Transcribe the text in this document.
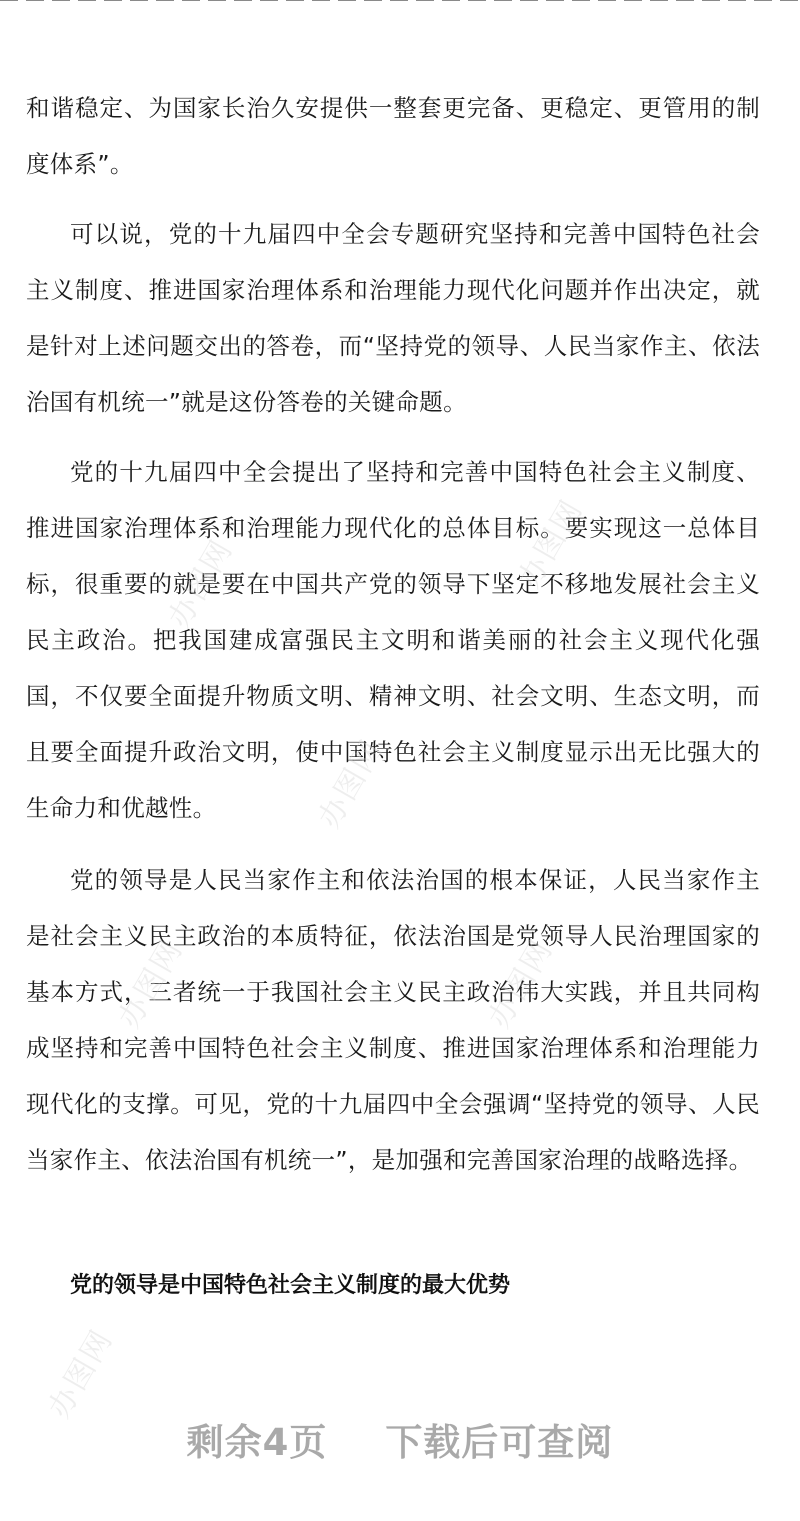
和谐稳定、为国家长治久安提供一整套更完备、更稳定、更管用的制度体系”。

可以说，党的十九届四中全会专题研究坚持和完善中国特色社会主义制度、推进国家治理体系和治理能力现代化问题并作出决定，就是针对上述问题交出的答卷，而“坚持党的领导、人民当家作主、依法治国有机统一”就是这份答卷的关键命题。

党的十九届四中全会提出了坚持和完善中国特色社会主义制度、推进国家治理体系和治理能力现代化的总体目标。要实现这一总体目标，很重要的就是要在中国共产党的领导下坚定不移地发展社会主义民主政治。把我国建成富强民主文明和谐美丽的社会主义现代化强国，不仅要全面提升物质文明、精神文明、社会文明、生态文明，而且要全面提升政治文明，使中国特色社会主义制度显示出无比强大的生命力和优越性。

党的领导是人民当家作主和依法治国的根本保证，人民当家作主是社会主义民主政治的本质特征，依法治国是党领导人民治理国家的基本方式，三者统一于我国社会主义民主政治伟大实践，并且共同构成坚持和完善中国特色社会主义制度、推进国家治理体系和治理能力现代化的支撑。可见，党的十九届四中全会强调“坚持党的领导、人民当家作主、依法治国有机统一”，是加强和完善国家治理的战略选择。

党的领导是中国特色社会主义制度的最大优势
办图网	办图网
办图网
办图网	办图网
办图网
剩余4页 下载后可查阅
